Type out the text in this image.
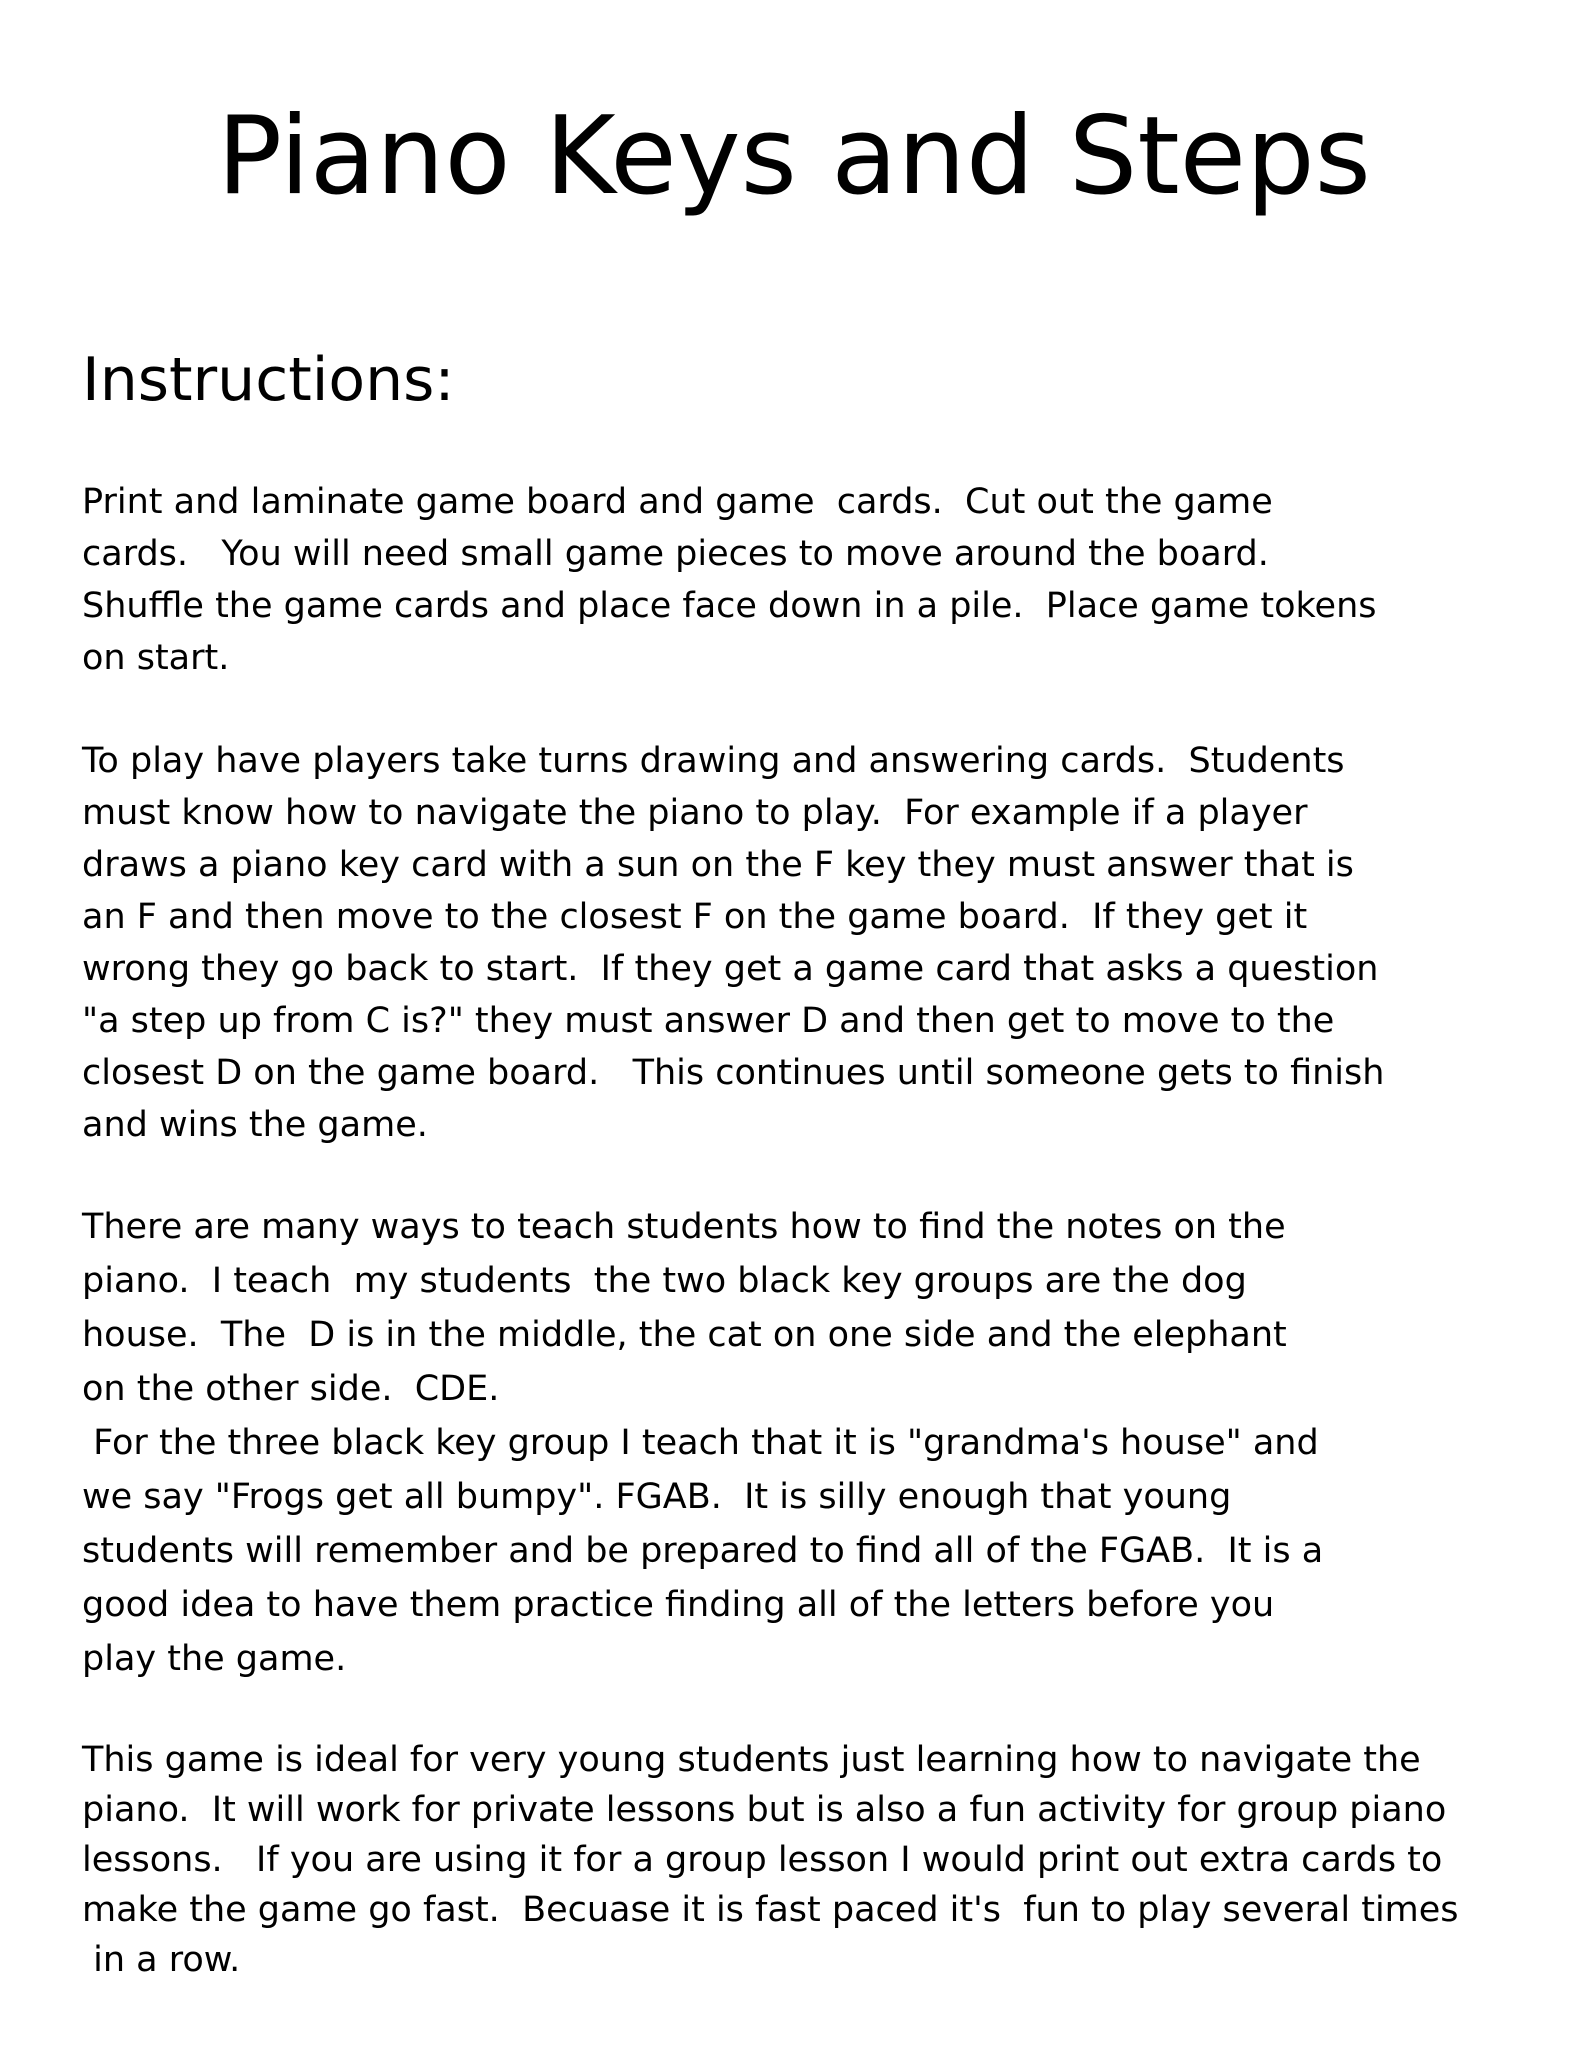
Piano Keys and Steps
Instructions:

Print and laminate game board and game  cards.  Cut out the game
cards.   You will need small game pieces to move around the board.
Shuffle the game cards and place face down in a pile.  Place game tokens
on start.

To play have players take turns drawing and answering cards.  Students
must know how to navigate the piano to play.  For example if a player
draws a piano key card with a sun on the F key they must answer that is
an F and then move to the closest F on the game board.  If they get it
wrong they go back to start.  If they get a game card that asks a question
"a step up from C is?" they must answer D and then get to move to the
closest D on the game board.   This continues until someone gets to finish
and wins the game.

There are many ways to teach students how to find the notes on the
piano.  I teach  my students  the two black key groups are the dog
house.  The  D is in the middle, the cat on one side and the elephant
on the other side.  CDE.
For the three black key group I teach that it is "grandma's house" and
we say "Frogs get all bumpy". FGAB.  It is silly enough that young
students will remember and be prepared to find all of the FGAB.  It is a
good idea to have them practice finding all of the letters before you
play the game.

This game is ideal for very young students just learning how to navigate the
piano.  It will work for private lessons but is also a fun activity for group piano
lessons.   If you are using it for a group lesson I would print out extra cards to
make the game go fast.  Becuase it is fast paced it's  fun to play several times
in a row.
